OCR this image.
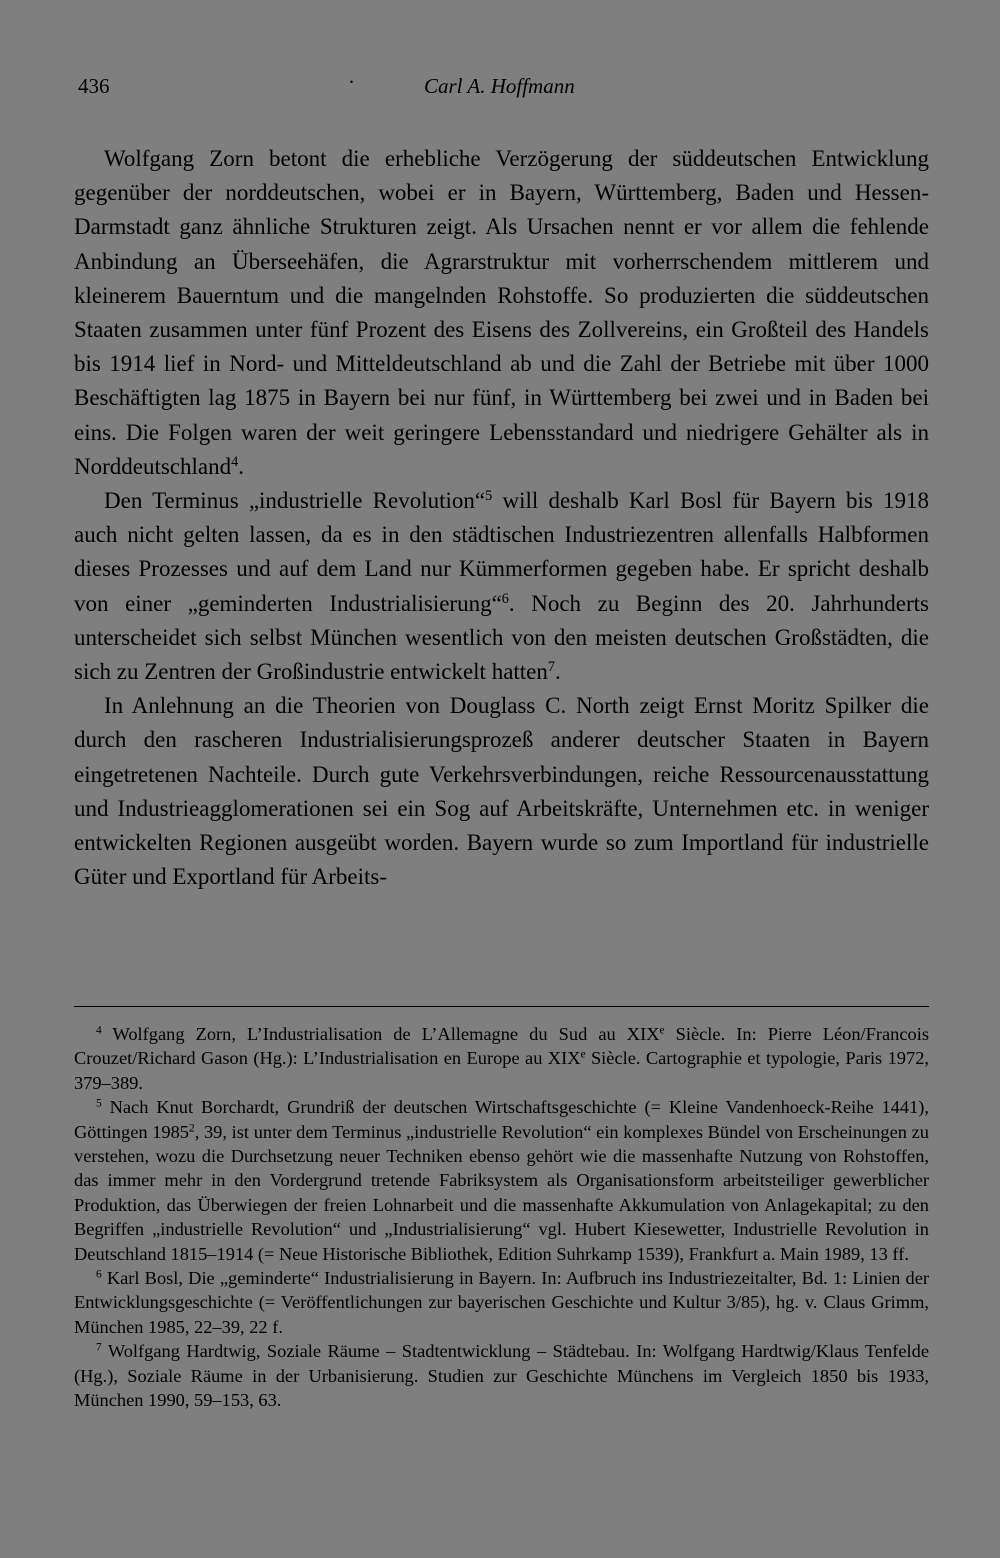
436	·	Carl A. Hoffmann

Wolfgang Zorn betont die erhebliche Verzögerung der süddeutschen Entwicklung gegenüber der norddeutschen, wobei er in Bayern, Württemberg, Baden und Hessen-Darmstadt ganz ähnliche Strukturen zeigt. Als Ursachen nennt er vor allem die fehlende Anbindung an Überseehäfen, die Agrarstruktur mit vorherrschendem mittlerem und kleinerem Bauerntum und die mangelnden Rohstoffe. So produzierten die süddeutschen Staaten zusammen unter fünf Prozent des Eisens des Zollvereins, ein Großteil des Handels bis 1914 lief in Nord- und Mitteldeutschland ab und die Zahl der Betriebe mit über 1000 Beschäftigten lag 1875 in Bayern bei nur fünf, in Württemberg bei zwei und in Baden bei eins. Die Folgen waren der weit geringere Lebensstandard und niedrigere Gehälter als in Norddeutschland$^4$.

Den Terminus „industrielle Revolution“$^5$ will deshalb Karl Bosl für Bayern bis 1918 auch nicht gelten lassen, da es in den städtischen Industriezentren allenfalls Halbformen dieses Prozesses und auf dem Land nur Kümmerformen gegeben habe. Er spricht deshalb von einer „geminderten Industrialisierung“$^6$. Noch zu Beginn des 20. Jahrhunderts unterscheidet sich selbst München wesentlich von den meisten deutschen Großstädten, die sich zu Zentren der Großindustrie entwickelt hatten$^7$.

In Anlehnung an die Theorien von Douglass C. North zeigt Ernst Moritz Spilker die durch den rascheren Industrialisierungsprozeß anderer deutscher Staaten in Bayern eingetretenen Nachteile. Durch gute Verkehrsverbindungen, reiche Ressourcenausstattung und Industrieagglomerationen sei ein Sog auf Arbeitskräfte, Unternehmen etc. in weniger entwickelten Regionen ausgeübt worden. Bayern wurde so zum Importland für industrielle Güter und Exportland für Arbeits-

$^4$ Wolfgang Zorn, L’Industrialisation de L’Allemagne du Sud au XIXe Siècle. In: Pierre Léon/Francois Crouzet/Richard Gason (Hg.): L’Industrialisation en Europe au XIXe Siècle. Cartographie et typologie, Paris 1972, 379–389.

$^5$ Nach Knut Borchardt, Grundriß der deutschen Wirtschaftsgeschichte (= Kleine Vandenhoeck-Reihe 1441), Göttingen 1985$^2$, 39, ist unter dem Terminus „industrielle Revolution“ ein komplexes Bündel von Erscheinungen zu verstehen, wozu die Durchsetzung neuer Techniken ebenso gehört wie die massenhafte Nutzung von Rohstoffen, das immer mehr in den Vordergrund tretende Fabriksystem als Organisationsform arbeitsteiliger gewerblicher Produktion, das Überwiegen der freien Lohnarbeit und die massenhafte Akkumulation von Anlagekapital; zu den Begriffen „industrielle Revolution“ und „Industrialisierung“ vgl. Hubert Kiesewetter, Industrielle Revolution in Deutschland 1815–1914 (= Neue Historische Bibliothek, Edition Suhrkamp 1539), Frankfurt a. Main 1989, 13 ff.

$^6$ Karl Bosl, Die „geminderte“ Industrialisierung in Bayern. In: Aufbruch ins Industriezeitalter, Bd. 1: Linien der Entwicklungsgeschichte (= Veröffentlichungen zur bayerischen Geschichte und Kultur 3/85), hg. v. Claus Grimm, München 1985, 22–39, 22 f.

$^7$ Wolfgang Hardtwig, Soziale Räume – Stadtentwicklung – Städtebau. In: Wolfgang Hardtwig/Klaus Tenfelde (Hg.), Soziale Räume in der Urbanisierung. Studien zur Geschichte Münchens im Vergleich 1850 bis 1933, München 1990, 59–153, 63.
